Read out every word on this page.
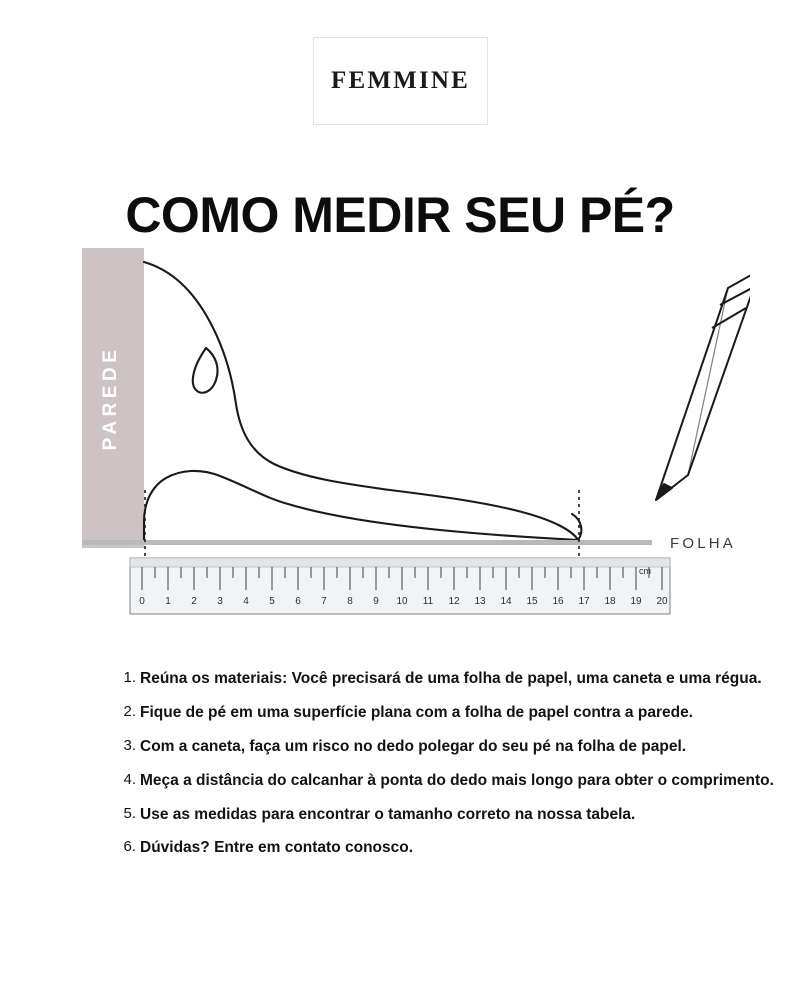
FEMMINE
COMO MEDIR SEU PÉ?
PAREDE
FOLHA
0 1 2 3 4 5 6 7 8 9 10 11 12 13 14 15 16 17 18 19 20
cm
1. Reúna os materiais: Você precisará de uma folha de papel, uma caneta e uma régua.
2. Fique de pé em uma superfície plana com a folha de papel contra a parede.
3. Com a caneta, faça um risco no dedo polegar do seu pé na folha de papel.
4. Meça a distância do calcanhar à ponta do dedo mais longo para obter o comprimento.
5. Use as medidas para encontrar o tamanho correto na nossa tabela.
6. Dúvidas? Entre em contato conosco.
